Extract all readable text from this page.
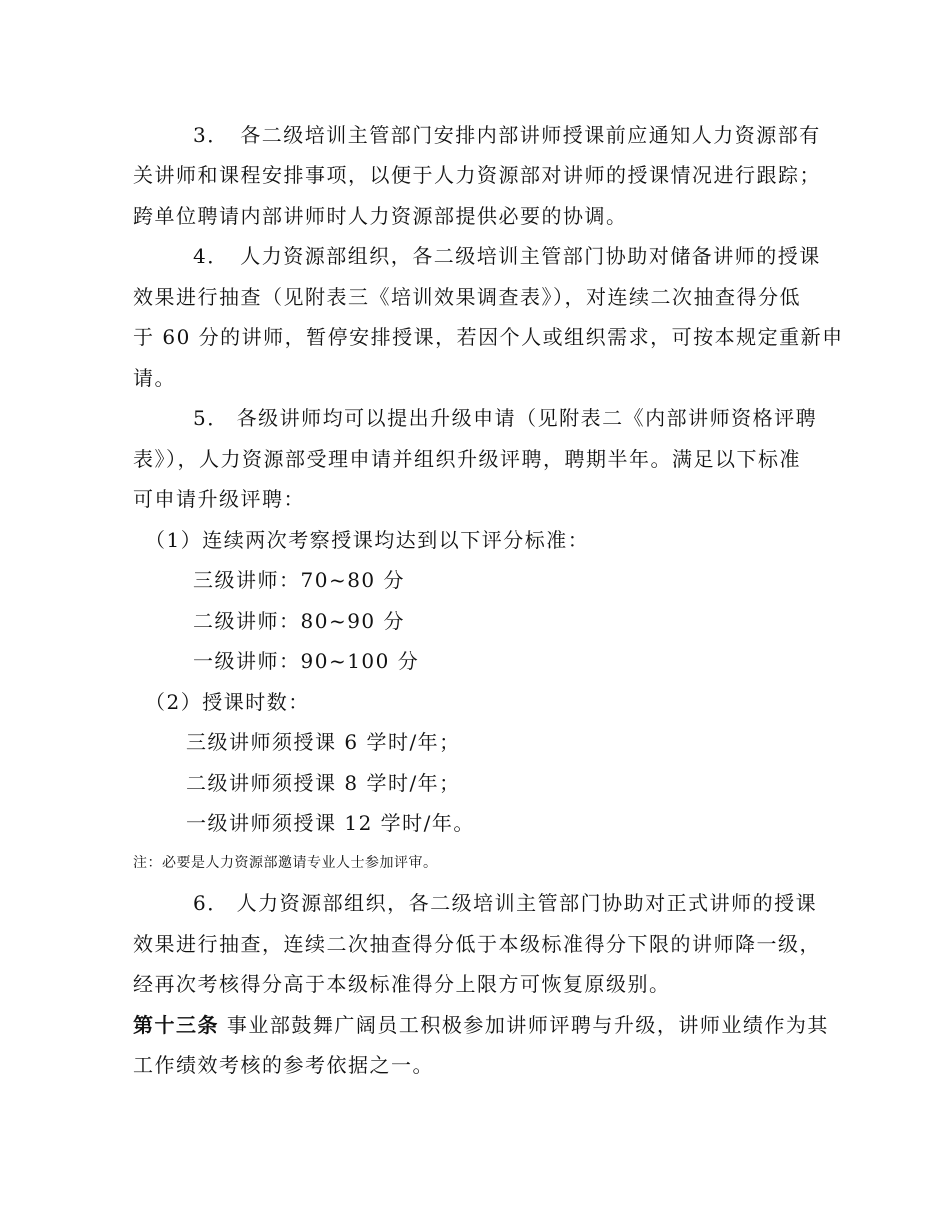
3．　各二级培训主管部门安排内部讲师授课前应通知人力资源部有
关讲师和课程安排事项，以便于人力资源部对讲师的授课情况进行跟踪；
跨单位聘请内部讲师时人力资源部提供必要的协调。
4．　人力资源部组织，各二级培训主管部门协助对储备讲师的授课
效果进行抽查（见附表三《培训效果调查表》），对连续二次抽查得分低
于 60 分的讲师，暂停安排授课，若因个人或组织需求，可按本规定重新申
请。
5． 各级讲师均可以提出升级申请（见附表二《内部讲师资格评聘
表》），人力资源部受理申请并组织升级评聘，聘期半年。满足以下标准
可申请升级评聘：
（1）连续两次考察授课均达到以下评分标准：
三级讲师：70~80 分
二级讲师：80~90 分
一级讲师：90~100 分
（2）授课时数：
三级讲师须授课 6 学时/年；
二级讲师须授课 8 学时/年；
一级讲师须授课 12 学时/年。
注：必要是人力资源部邀请专业人士参加评审。
6． 人力资源部组织，各二级培训主管部门协助对正式讲师的授课
效果进行抽查，连续二次抽查得分低于本级标准得分下限的讲师降一级，
经再次考核得分高于本级标准得分上限方可恢复原级别。
第十三条 事业部鼓舞广阔员工积极参加讲师评聘与升级，讲师业绩作为其
工作绩效考核的参考依据之一。
